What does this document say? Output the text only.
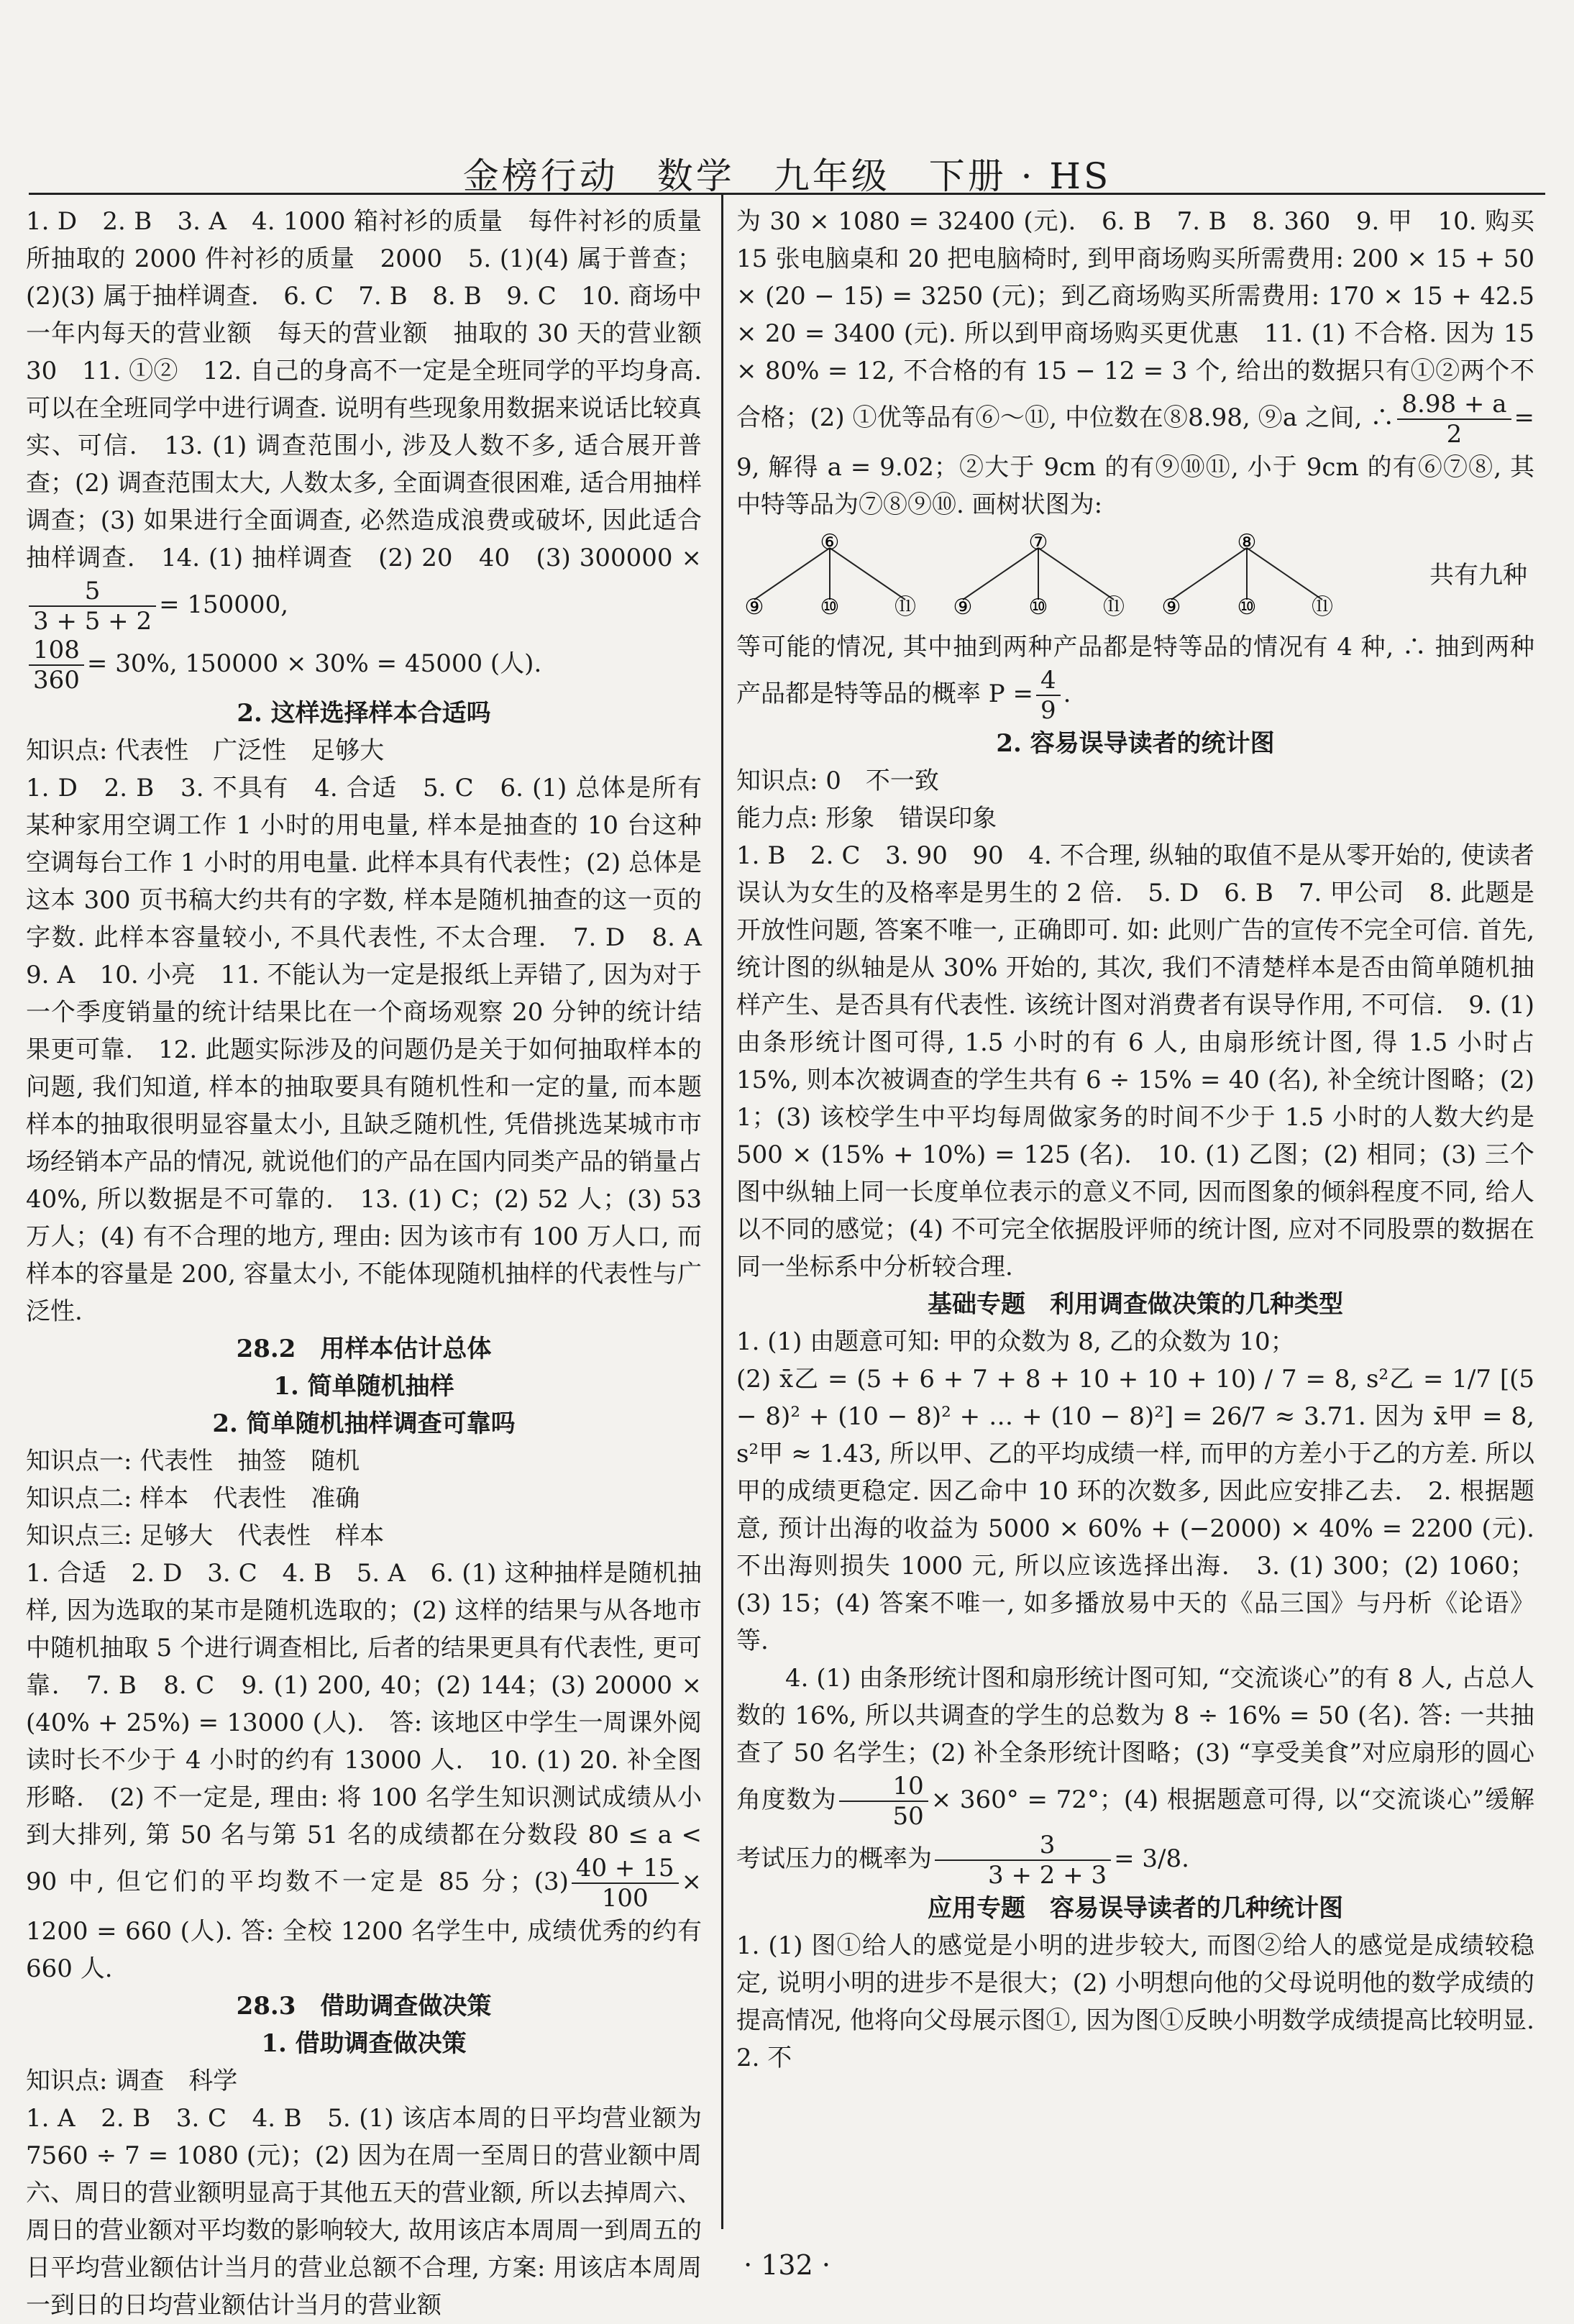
金榜行动　数学　九年级　下册 · HS

1. D　2. B　3. A　4. 1000 箱衬衫的质量　每件衬衫的质量　所抽取的 2000 件衬衫的质量　2000　5. (1)(4) 属于普查；(2)(3) 属于抽样调查.　6. C　7. B　8. B　9. C　10. 商场中一年内每天的营业额　每天的营业额　抽取的 30 天的营业额　30　11. ①②　12. 自己的身高不一定是全班同学的平均身高. 可以在全班同学中进行调查. 说明有些现象用数据来说话比较真实、可信.　13. (1) 调查范围小, 涉及人数不多, 适合展开普查；(2) 调查范围太大, 人数太多, 全面调查很困难, 适合用抽样调查；(3) 如果进行全面调查, 必然造成浪费或破坏, 因此适合抽样调查.　14. (1) 抽样调查　(2) 20　40　(3) 300000 ×
$\frac{5}{3 + 5 + 2} = 150000$,

$\frac{108}{360} = 30\%$, 150000 × 30% = 45000 (人).

2. 这样选择样本合适吗

知识点: 代表性　广泛性　足够大

1. D　2. B　3. 不具有　4. 合适　5. C　6. (1) 总体是所有某种家用空调工作 1 小时的用电量, 样本是抽查的 10 台这种空调每台工作 1 小时的用电量. 此样本具有代表性；(2) 总体是这本 300 页书稿大约共有的字数, 样本是随机抽查的这一页的字数. 此样本容量较小, 不具代表性, 不太合理.　7. D　8. A　9. A　10. 小亮　11. 不能认为一定是报纸上弄错了, 因为对于一个季度销量的统计结果比在一个商场观察 20 分钟的统计结果更可靠.　12. 此题实际涉及的问题仍是关于如何抽取样本的问题, 我们知道, 样本的抽取要具有随机性和一定的量, 而本题样本的抽取很明显容量太小, 且缺乏随机性, 凭借挑选某城市市场经销本产品的情况, 就说他们的产品在国内同类产品的销量占 40%, 所以数据是不可靠的.　13. (1) C；(2) 52 人；(3) 53 万人；(4) 有不合理的地方, 理由: 因为该市有 100 万人口, 而样本的容量是 200, 容量太小, 不能体现随机抽样的代表性与广泛性.

28.2　用样本估计总体

1. 简单随机抽样

2. 简单随机抽样调查可靠吗

知识点一: 代表性　抽签　随机

知识点二: 样本　代表性　准确

知识点三: 足够大　代表性　样本

1. 合适　2. D　3. C　4. B　5. A　6. (1) 这种抽样是随机抽样, 因为选取的某市是随机选取的；(2) 这样的结果与从各地市中随机抽取 5 个进行调查相比, 后者的结果更具有代表性, 更可靠.　7. B　8. C　9. (1) 200, 40；(2) 144；(3) 20000 × (40% + 25%) = 13000 (人).　答: 该地区中学生一周课外阅读时长不少于 4 小时的约有 13000 人.　10. (1) 20. 补全图形略.　(2) 不一定是, 理由: 将 100 名学生知识测试成绩从小到大排列, 第 50 名与第 51 名的成绩都在分数段 80 ≤ a < 90 中, 但它们的平均数不一定是 85 分；$(3) \frac{40 + 15}{100} \times 1200 = 660$ (人). 答: 全校 1200 名学生中, 成绩优秀的约有 660 人.

28.3　借助调查做决策

1. 借助调查做决策

知识点: 调查　科学

1. A　2. B　3. C　4. B　5. (1) 该店本周的日平均营业额为 7560 ÷ 7 = 1080 (元)；(2) 因为在周一至周日的营业额中周六、周日的营业额明显高于其他五天的营业额, 所以去掉周六、周日的营业额对平均数的影响较大, 故用该店本周周一到周五的日平均营业额估计当月的营业总额不合理, 方案: 用该店本周周一到日的日均营业额估计当月的营业额

为 30 × 1080 = 32400 (元).　6. B　7. B　8. 360　9. 甲　10. 购买 15 张电脑桌和 20 把电脑椅时, 到甲商场购买所需费用: 200 × 15 + 50 × (20 − 15) = 3250 (元)；到乙商场购买所需费用: 170 × 15 + 42.5 × 20 = 3400 (元). 所以到甲商场购买更优惠　11. (1) 不合格. 因为 15 × 80% = 12, 不合格的有 15 − 12 = 3 个, 给出的数据只有①②两个不合格；(2) ①优等品有⑥～⑪, 中位数在⑧8.98, ⑨a 之间, ∴ $\frac{8.98 + a}{2} = 9$, 解得 a = 9.02；②大于 9cm 的有⑨⑩⑪, 小于 9cm 的有⑥⑦⑧, 其中特等品为⑦⑧⑨⑩. 画树状图为:

⑥
⑨	⑩	⑪
⑦
⑨	⑩	⑪
⑧
⑨	⑩	⑪
共有九种

等可能的情况, 其中抽到两种产品都是特等品的情况有 4 种, ∴ 抽到两种产品都是特等品的概率 $P = \frac{4}{9}$ .

2. 容易误导读者的统计图

知识点: 0　不一致

能力点: 形象　错误印象

1. B　2. C　3. 90　90　4. 不合理, 纵轴的取值不是从零开始的, 使读者误认为女生的及格率是男生的 2 倍.　5. D　6. B　7. 甲公司　8. 此题是开放性问题, 答案不唯一, 正确即可. 如: 此则广告的宣传不完全可信. 首先, 统计图的纵轴是从 30% 开始的, 其次, 我们不清楚样本是否由简单随机抽样产生、是否具有代表性. 该统计图对消费者有误导作用, 不可信.　9. (1) 由条形统计图可得, 1.5 小时的有 6 人, 由扇形统计图, 得 1.5 小时占 15%, 则本次被调查的学生共有 6 ÷ 15% = 40 (名), 补全统计图略；(2) 1；(3) 该校学生中平均每周做家务的时间不少于 1.5 小时的人数大约是 500 × (15% + 10%) = 125 (名).　10. (1) 乙图；(2) 相同；(3) 三个图中纵轴上同一长度单位表示的意义不同, 因而图象的倾斜程度不同, 给人以不同的感觉；(4) 不可完全依据股评师的统计图, 应对不同股票的数据在同一坐标系中分析较合理.

基础专题　利用调查做决策的几种类型

1. (1) 由题意可知: 甲的众数为 8, 乙的众数为 10；

(2) x̄乙 = (5 + 6 + 7 + 8 + 10 + 10 + 10) / 7 = 8, s²乙 = 1/7 [(5 − 8)² + (10 − 8)² + … + (10 − 8)²] = 26/7 ≈ 3.71. 因为 x̄甲 = 8, s²甲 ≈ 1.43, 所以甲、乙的平均成绩一样, 而甲的方差小于乙的方差. 所以甲的成绩更稳定. 因乙命中 10 环的次数多, 因此应安排乙去.　2. 根据题意, 预计出海的收益为 5000 × 60% + (−2000) × 40% = 2200 (元). 不出海则损失 1000 元, 所以应该选择出海.　3. (1) 300；(2) 1060；(3) 15；(4) 答案不唯一, 如多播放易中天的《品三国》与丹析《论语》等.

4. (1) 由条形统计图和扇形统计图可知, “交流谈心”的有 8 人, 占总人数的 16%, 所以共调查的学生的总数为 8 ÷ 16% = 50 (名). 答: 一共抽查了 50 名学生；(2) 补全条形统计图略；(3) “享受美食”对应扇形的圆心角度数为 $\frac{10}{50} \times 360^\circ = 72^\circ$；(4) 根据题意可得, 以“交流谈心”缓解考试压力的概率为 $\frac{3}{3 + 2 + 3} = 3/8$.

应用专题　容易误导读者的几种统计图

1. (1) 图①给人的感觉是小明的进步较大, 而图②给人的感觉是成绩较稳定, 说明小明的进步不是很大；(2) 小明想向他的父母说明他的数学成绩的提高情况, 他将向父母展示图①, 因为图①反映小明数学成绩提高比较明显.　2. 不

· 132 ·
